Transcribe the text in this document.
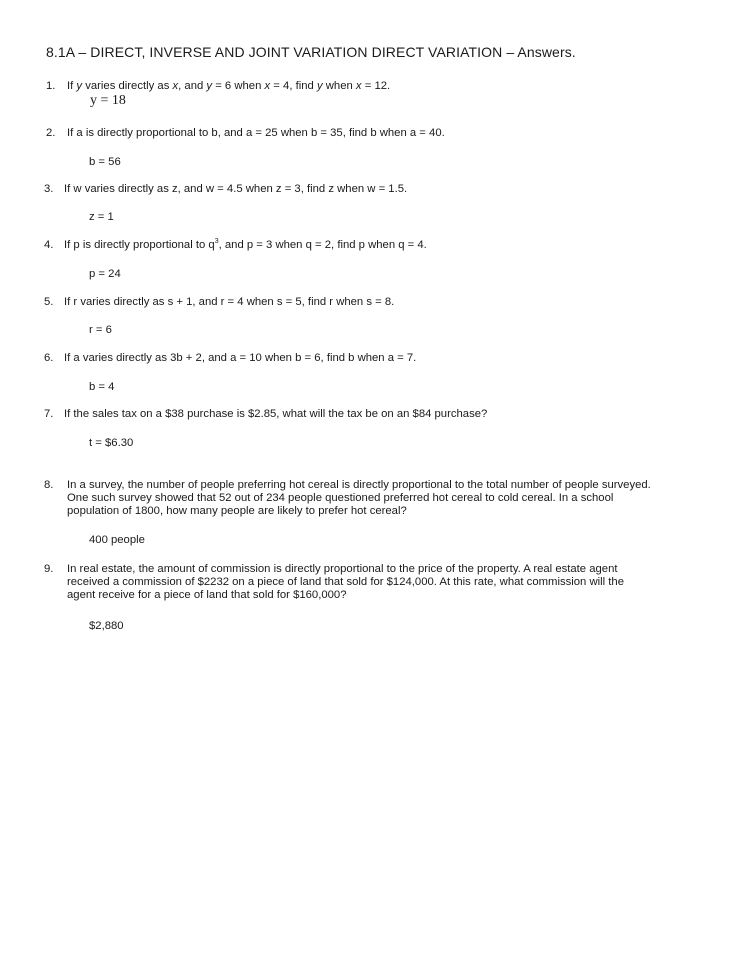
8.1A – DIRECT, INVERSE AND JOINT VARIATION DIRECT VARIATION – Answers.
1. If y varies directly as x, and y = 6 when x = 4, find y when x = 12.
y = 18
2. If a is directly proportional to b, and a = 25 when b = 35, find b when a = 40.
b = 56
3. If w varies directly as z, and w = 4.5 when z = 3, find z when w = 1.5.
z = 1
4. If p is directly proportional to $q^3$, and p = 3 when q = 2, find p when q = 4.
p = 24
5. If r varies directly as s + 1, and r = 4 when s = 5, find r when s = 8.
r = 6
6. If a varies directly as 3b + 2, and a = 10 when b = 6, find b when a = 7.
b = 4
7. If the sales tax on a $38 purchase is $2.85, what will the tax be on an $84 purchase?
t = $6.30
8. In a survey, the number of people preferring hot cereal is directly proportional to the total number of people surveyed.
One such survey showed that 52 out of 234 people questioned preferred hot cereal to cold cereal. In a school
population of 1800, how many people are likely to prefer hot cereal?
400 people
9. In real estate, the amount of commission is directly proportional to the price of the property. A real estate agent
received a commission of $2232 on a piece of land that sold for $124,000. At this rate, what commission will the
agent receive for a piece of land that sold for $160,000?
$2,880
